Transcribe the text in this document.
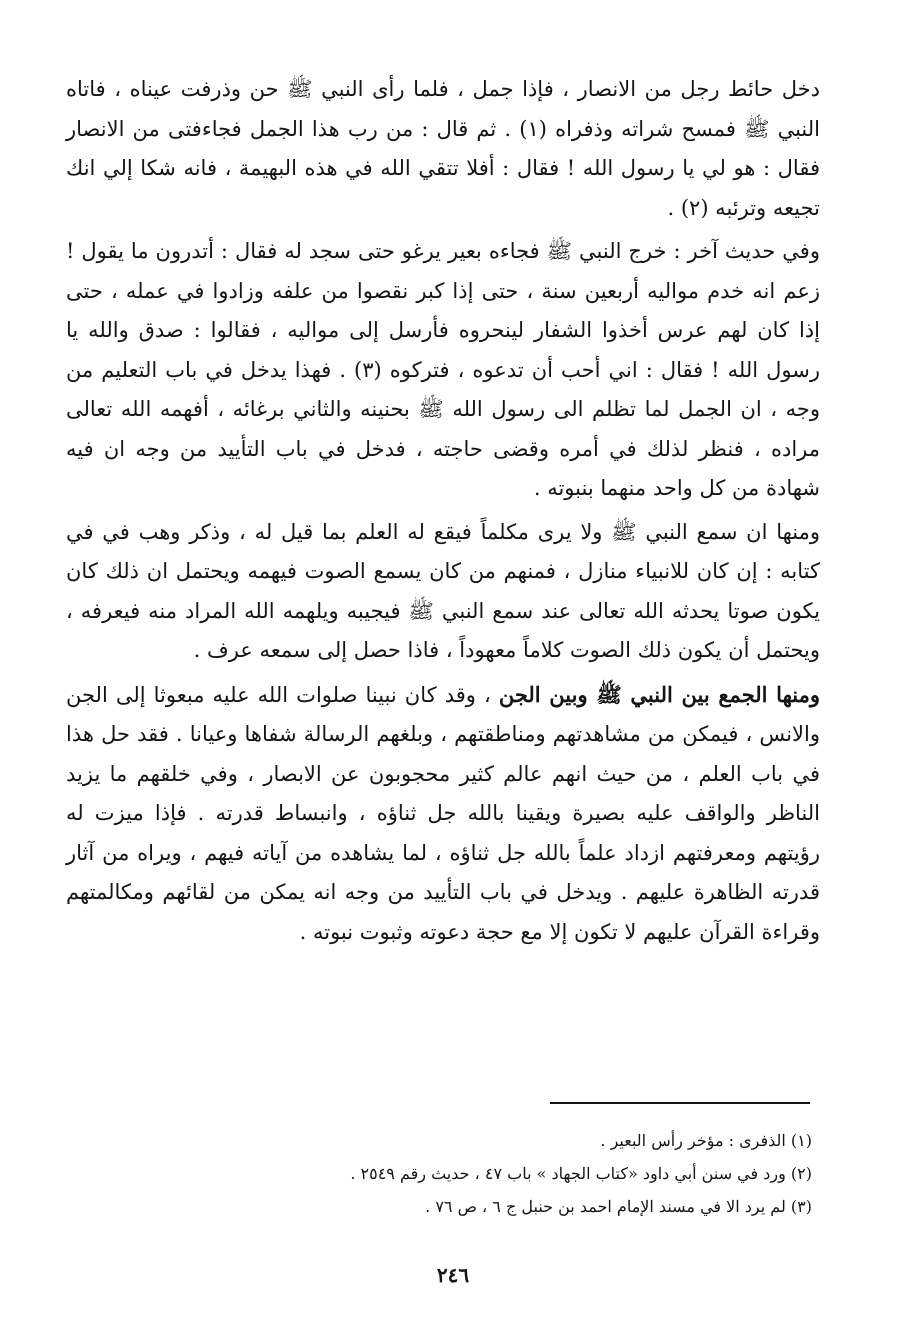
دخل حائط رجل من الانصار ، فإذا جمل ، فلما رأى النبي ﷺ حن وذرفت عيناه ، فاتاه النبي ﷺ فمسح شراته وذفراه (١) . ثم قال : من رب هذا الجمل فجاءفتى من الانصار فقال : هو لي يا رسول الله ! فقال : أفلا تتقي الله في هذه البهيمة ، فانه شكا إلي انك تجيعه وترئبه (٢) .

وفي حديث آخر : خرج النبي ﷺ فجاءه بعير يرغو حتى سجد له فقال : أتدرون ما يقول ! زعم انه خدم مواليه أربعين سنة ، حتى إذا كبر نقصوا من علفه وزادوا في عمله ، حتى إذا كان لهم عرس أخذوا الشفار لينحروه فأرسل إلى مواليه ، فقالوا : صدق والله يا رسول الله ! فقال : اني أحب أن تدعوه ، فتركوه (٣) . فهذا يدخل في باب التعليم من وجه ، ان الجمل لما تظلم الى رسول الله ﷺ بحنينه والثاني برغائه ، أفهمه الله تعالى مراده ، فنظر لذلك في أمره وقضى حاجته ، فدخل في باب التأييد من وجه ان فيه شهادة من كل واحد منهما بنبوته .

ومنها ان سمع النبي ﷺ ولا يرى مكلماً فيقع له العلم بما قيل له ، وذكر وهب في في كتابه : إن كان للانبياء منازل ، فمنهم من كان يسمع الصوت فيهمه ويحتمل ان ذلك كان يكون صوتا يحدثه الله تعالى عند سمع النبي ﷺ فيجيبه ويلهمه الله المراد منه فيعرفه ، ويحتمل أن يكون ذلك الصوت كلاماً معهوداً ، فاذا حصل إلى سمعه عرف .

ومنها الجمع بين النبي ﷺ وبين الجن ، وقد كان نبينا صلوات الله عليه مبعوثا إلى الجن والانس ، فيمكن من مشاهدتهم ومناطقتهم ، وبلغهم الرسالة شفاها وعيانا . فقد حل هذا في باب العلم ، من حيث انهم عالم كثير محجوبون عن الابصار ، وفي خلقهم ما يزيد الناظر والواقف عليه بصيرة ويقينا بالله جل ثناؤه ، وانبساط قدرته . فإذا ميزت له رؤيتهم ومعرفتهم ازداد علماً بالله جل ثناؤه ، لما يشاهده من آياته فيهم ، ويراه من آثار قدرته الظاهرة عليهم . ويدخل في باب التأييد من وجه انه يمكن من لقائهم ومكالمتهم وقراءة القرآن عليهم لا تكون إلا مع حجة دعوته وثبوت نبوته .

(١) الذفرى : مؤخر رأس البعير .

(٢) ورد في سنن أبي داود «كتاب الجهاد » باب ٤٧ ، حديث رقم ٢٥٤٩ .

(٣) لم يرد الا في مسند الإمام احمد بن حنبل ج ٦ ، ص ٧٦ .

٢٤٦
